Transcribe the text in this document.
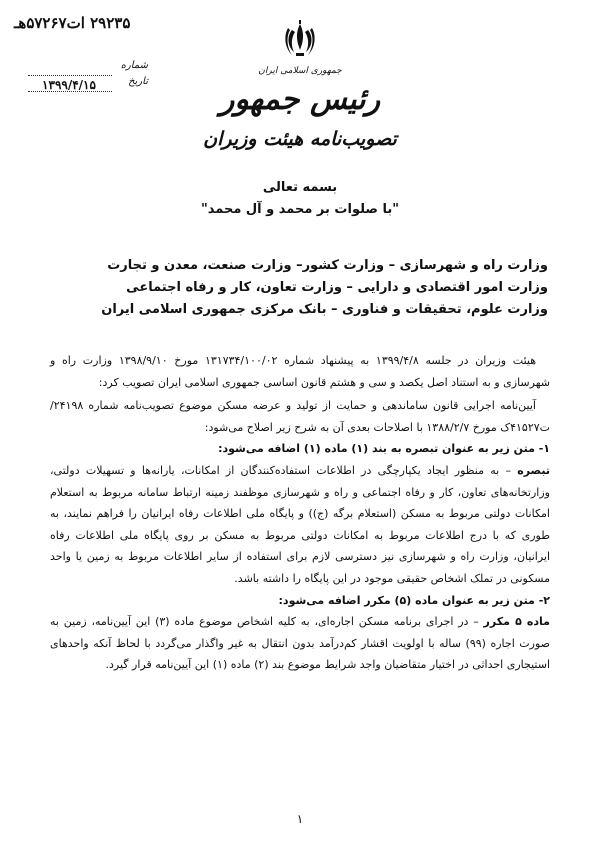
۲۹۲۳۵ ات۵۷۲۶۷هـ
شماره
۱۳۹۹/۴/۱۵	تاریخ
جمهوری اسلامی ایران
رئیس جمهور
تصویب‌نامه هیئت وزیران
بسمه تعالی
"با صلوات بر محمد و آل محمد"
وزارت راه و شهرسازی – وزارت کشور– وزارت صنعت، معدن و تجارت
وزارت امور اقتصادی و دارایی – وزارت تعاون، کار و رفاه اجتماعی
وزارت علوم، تحقیقات و فناوری – بانک مرکزی جمهوری اسلامی ایران

هیئت وزیران در جلسه ۱۳۹۹/۴/۸ به پیشنهاد شماره ۱۳۱۷۳۴/۱۰۰/۰۲ مورخ ۱۳۹۸/۹/۱۰ وزارت راه و شهرسازی و به استناد اصل یکصد و سی و هشتم قانون اساسی جمهوری اسلامی ایران تصویب کرد:

آیین‌نامه اجرایی قانون ساماندهی و حمایت از تولید و عرضه مسکن موضوع تصویب‌نامه شماره ۲۴۱۹۸/ت۴۱۵۲۷ک مورخ ۱۳۸۸/۲/۷ با اصلاحات بعدی آن به شرح زیر اصلاح می‌شود:

۱- متن زیر به عنوان تبصره به بند (۱) ماده (۱) اضافه می‌شود:

تبصره – به منظور ایجاد یکپارچگی در اطلاعات استفاده‌کنندگان از امکانات، یارانه‌ها و تسهیلات دولتی، وزارتخانه‌های تعاون، کار و رفاه اجتماعی و راه و شهرسازی موظفند زمینه ارتباط سامانه مربوط به استعلام امکانات دولتی مربوط به مسکن (استعلام برگه (ج)) و پایگاه ملی اطلاعات رفاه ایرانیان را فراهم نمایند، به طوری که با درج اطلاعات مربوط به امکانات دولتی مربوط به مسکن بر روی پایگاه ملی اطلاعات رفاه ایرانیان، وزارت راه و شهرسازی نیز دسترسی لازم برای استفاده از سایر اطلاعات مربوط به زمین یا واحد مسکونی در تملک اشخاص حقیقی موجود در این پایگاه را داشته باشد.

۲- متن زیر به عنوان ماده (۵) مکرر اضافه می‌شود:

ماده ۵ مکرر – در اجرای برنامه مسکن اجاره‌ای، به کلیه اشخاص موضوع ماده (۳) این آیین‌نامه، زمین به صورت اجاره (۹۹) ساله با اولویت اقشار کم‌درآمد بدون انتقال به غیر واگذار می‌گردد با لحاظ آنکه واحدهای استیجاری احداثی در اختیار متقاضیان واجد شرایط موضوع بند (۲) ماده (۱) این آیین‌نامه قرار گیرد.

۱
